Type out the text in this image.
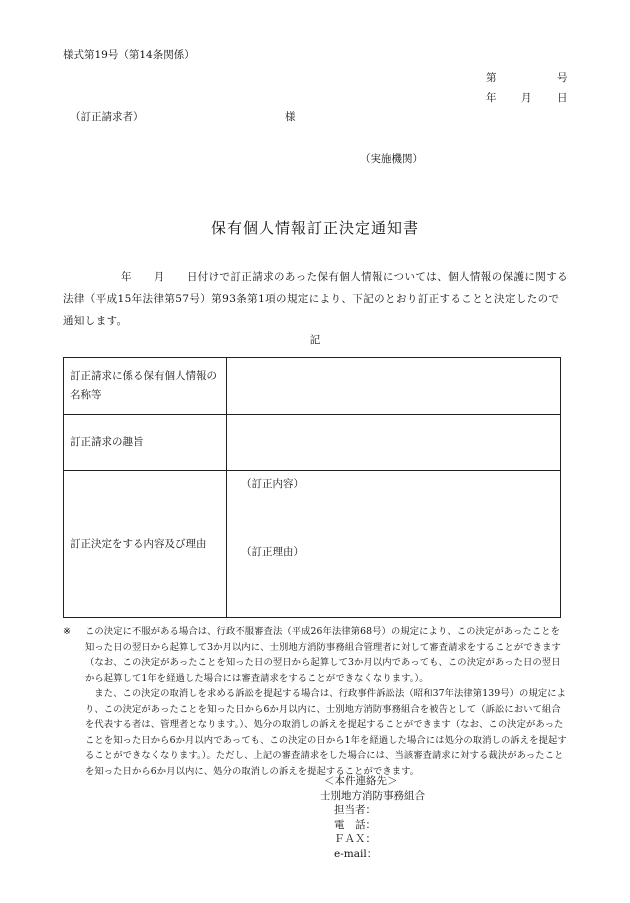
様式第19号（第14条関係）
第	号
年 月 日
（訂正請求者）	様
（実施機関）
保有個人情報訂正決定通知書
年 月 日付けで訂正請求のあった保有個人情報については、個人情報の保護に関する法律（平成15年法律第57号）第93条第1項の規定により、下記のとおり訂正することと決定したので通知します。
記
訂正請求に係る保有個人情報の名称等	
訂正請求の趣旨	
訂正決定をする内容及び理由	（訂正内容）
（訂正理由）
※	この決定に不服がある場合は、行政不服審査法（平成26年法律第68号）の規定により、この決定があったことを知った日の翌日から起算して3か月以内に、士別地方消防事務組合管理者に対して審査請求をすることができます（なお、この決定があったことを知った日の翌日から起算して3か月以内であっても、この決定があった日の翌日から起算して1年を経過した場合には審査請求をすることができなくなります。）。

また、この決定の取消しを求める訴訟を提起する場合は、行政事件訴訟法（昭和37年法律第139号）の規定により、この決定があったことを知った日から6か月以内に、士別地方消防事務組合を被告として（訴訟において組合を代表する者は、管理者となります。）、処分の取消しの訴えを提起することができます（なお、この決定があったことを知った日から6か月以内であっても、この決定の日から1年を経過した場合には処分の取消しの訴えを提起することができなくなります。）。ただし、上記の審査請求をした場合には、当該審査請求に対する裁決があったことを知った日から6か月以内に、処分の取消しの訴えを提起することができます。

＜本件連絡先＞
士別地方消防事務組合
担当者：
電　話：
ＦＡＸ：
e-mail：
